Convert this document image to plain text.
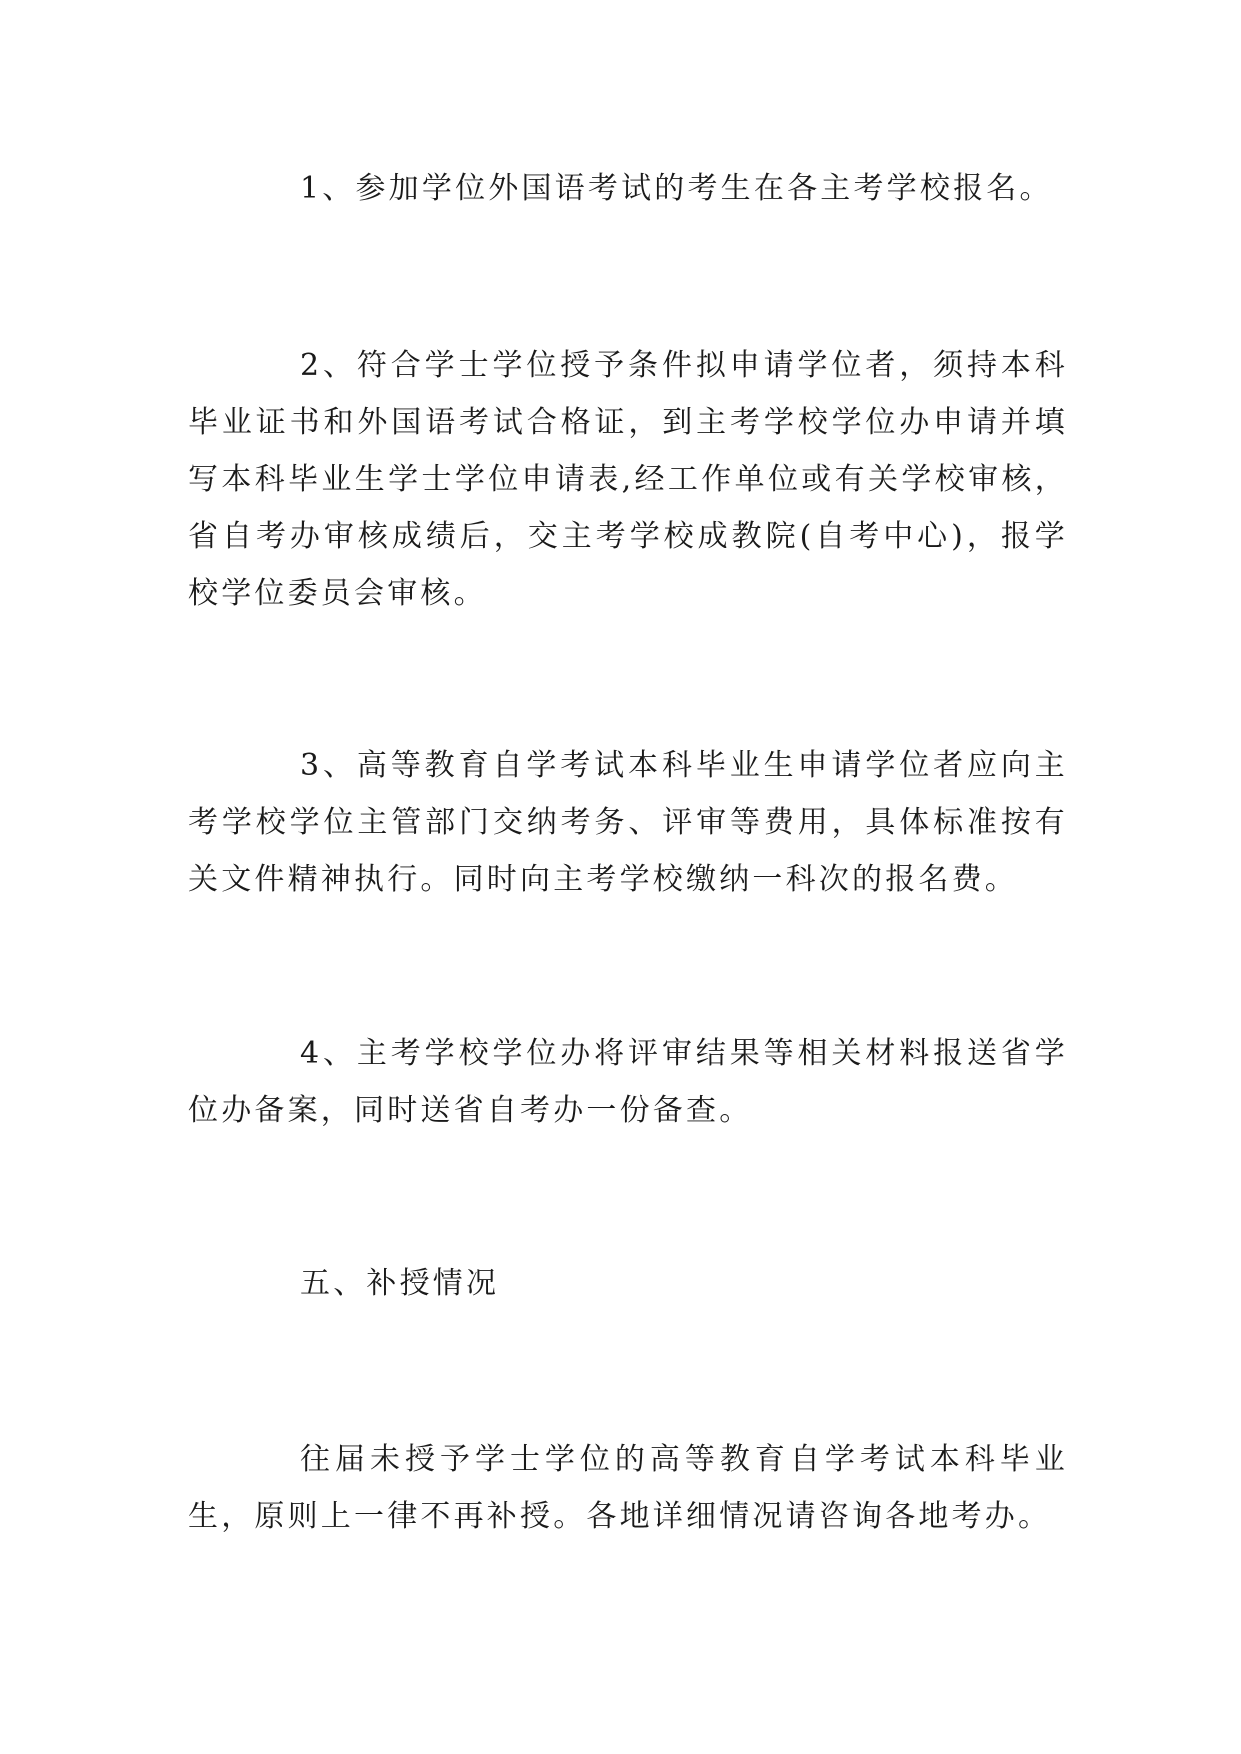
1、参加学位外国语考试的考生在各主考学校报名。

2、符合学士学位授予条件拟申请学位者，须持本科毕业证书和外国语考试合格证，到主考学校学位办申请并填写本科毕业生学士学位申请表,经工作单位或有关学校审核，省自考办审核成绩后，交主考学校成教院(自考中心)，报学校学位委员会审核。

3、高等教育自学考试本科毕业生申请学位者应向主考学校学位主管部门交纳考务、评审等费用，具体标准按有关文件精神执行。同时向主考学校缴纳一科次的报名费。

4、主考学校学位办将评审结果等相关材料报送省学位办备案，同时送省自考办一份备查。

五、补授情况

往届未授予学士学位的高等教育自学考试本科毕业生，原则上一律不再补授。各地详细情况请咨询各地考办。
